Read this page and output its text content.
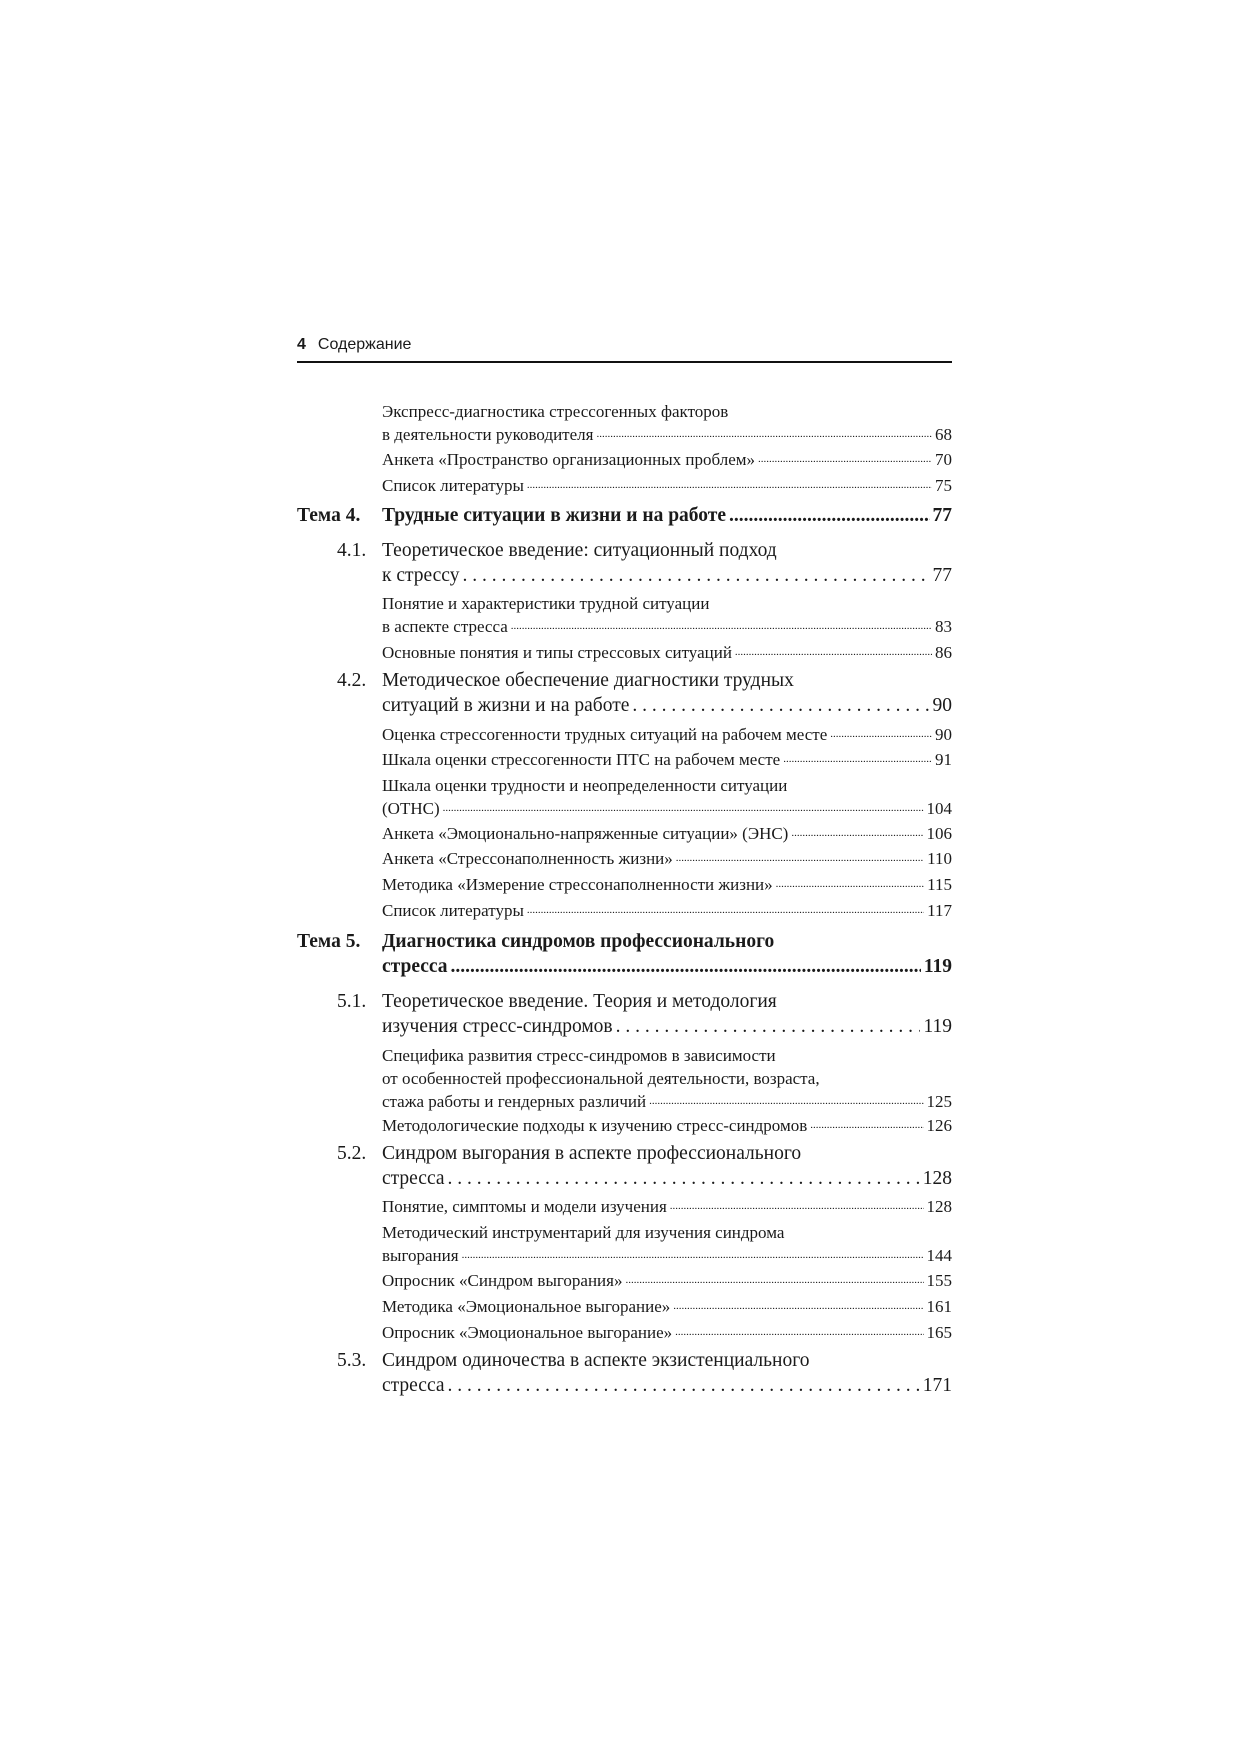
4 Содержание
Экспресс-диагностика стрессогенных факторов
в деятельности руководителя .....	68
Анкета «Пространство организационных проблем» .....	70
Список литературы .....	75
Тема 4. Трудные ситуации в жизни и на работе .....	77
4.1. Теоретическое введение: ситуационный подход
к стрессу . . .	77
Понятие и характеристики трудной ситуации
в аспекте стресса .....	83
Основные понятия и типы стрессовых ситуаций .....	86
4.2. Методическое обеспечение диагностики трудных
ситуаций в жизни и на работе . . .	90
Оценка стрессогенности трудных ситуаций на рабочем месте .....	90
Шкала оценки стрессогенности ПТС на рабочем месте .....	91
Шкала оценки трудности и неопределенности ситуации
(ОТНС) .....	104
Анкета «Эмоционально-напряженные ситуации» (ЭНС) .....	106
Анкета «Стрессонаполненность жизни» .....	110
Методика «Измерение стрессонаполненности жизни» .....	115
Список литературы .....	117
Тема 5. Диагностика синдромов профессионального
стресса .....	119
5.1. Теоретическое введение. Теория и методология
изучения стресс-синдромов . . .	119
Специфика развития стресс-синдромов в зависимости
от особенностей профессиональной деятельности, возраста,
стажа работы и гендерных различий .....	125
Методологические подходы к изучению стресс-синдромов .....	126
5.2. Синдром выгорания в аспекте профессионального
стресса . . .	128
Понятие, симптомы и модели изучения .....	128
Методический инструментарий для изучения синдрома
выгорания .....	144
Опросник «Синдром выгорания» .....	155
Методика «Эмоциональное выгорание» .....	161
Опросник «Эмоциональное выгорание» .....	165
5.3. Синдром одиночества в аспекте экзистенциального
стресса . . .	171
